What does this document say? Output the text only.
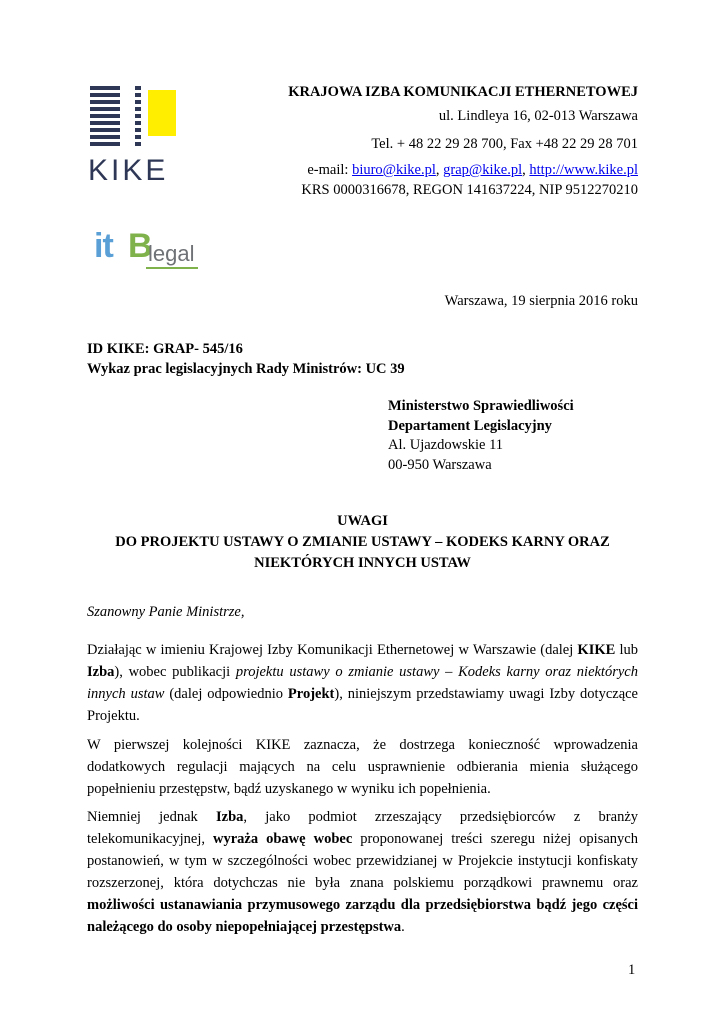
KIKE
it B
legal
KRAJOWA IZBA KOMUNIKACJI ETHERNETOWEJ
ul. Lindleya 16, 02-013 Warszawa
Tel. + 48 22 29 28 700, Fax +48 22 29 28 701
e-mail: biuro@kike.pl, grap@kike.pl, http://www.kike.pl
KRS 0000316678, REGON 141637224, NIP 9512270210
Warszawa, 19 sierpnia 2016 roku
ID KIKE: GRAP- 545/16
Wykaz prac legislacyjnych Rady Ministrów: UC 39
Ministerstwo Sprawiedliwości
Departament Legislacyjny
Al. Ujazdowskie 11
00-950 Warszawa
UWAGI
DO PROJEKTU USTAWY O ZMIANIE USTAWY – KODEKS KARNY ORAZ
NIEKTÓRYCH INNYCH USTAW
Szanowny Panie Ministrze,
Działając w imieniu Krajowej Izby Komunikacji Ethernetowej w Warszawie (dalej KIKE lub Izba), wobec publikacji projektu ustawy o zmianie ustawy – Kodeks karny oraz niektórych innych ustaw (dalej odpowiednio Projekt), niniejszym przedstawiamy uwagi Izby dotyczące Projektu.
W pierwszej kolejności KIKE zaznacza, że dostrzega konieczność wprowadzenia dodatkowych regulacji mających na celu usprawnienie odbierania mienia służącego popełnieniu przestępstw, bądź uzyskanego w wyniku ich popełnienia.
Niemniej jednak Izba, jako podmiot zrzeszający przedsiębiorców z branży telekomunikacyjnej, wyraża obawę wobec proponowanej treści szeregu niżej opisanych postanowień, w tym w szczególności wobec przewidzianej w Projekcie instytucji konfiskaty rozszerzonej, która dotychczas nie była znana polskiemu porządkowi prawnemu oraz możliwości ustanawiania przymusowego zarządu dla przedsiębiorstwa bądź jego części należącego do osoby niepopełniającej przestępstwa.
1
